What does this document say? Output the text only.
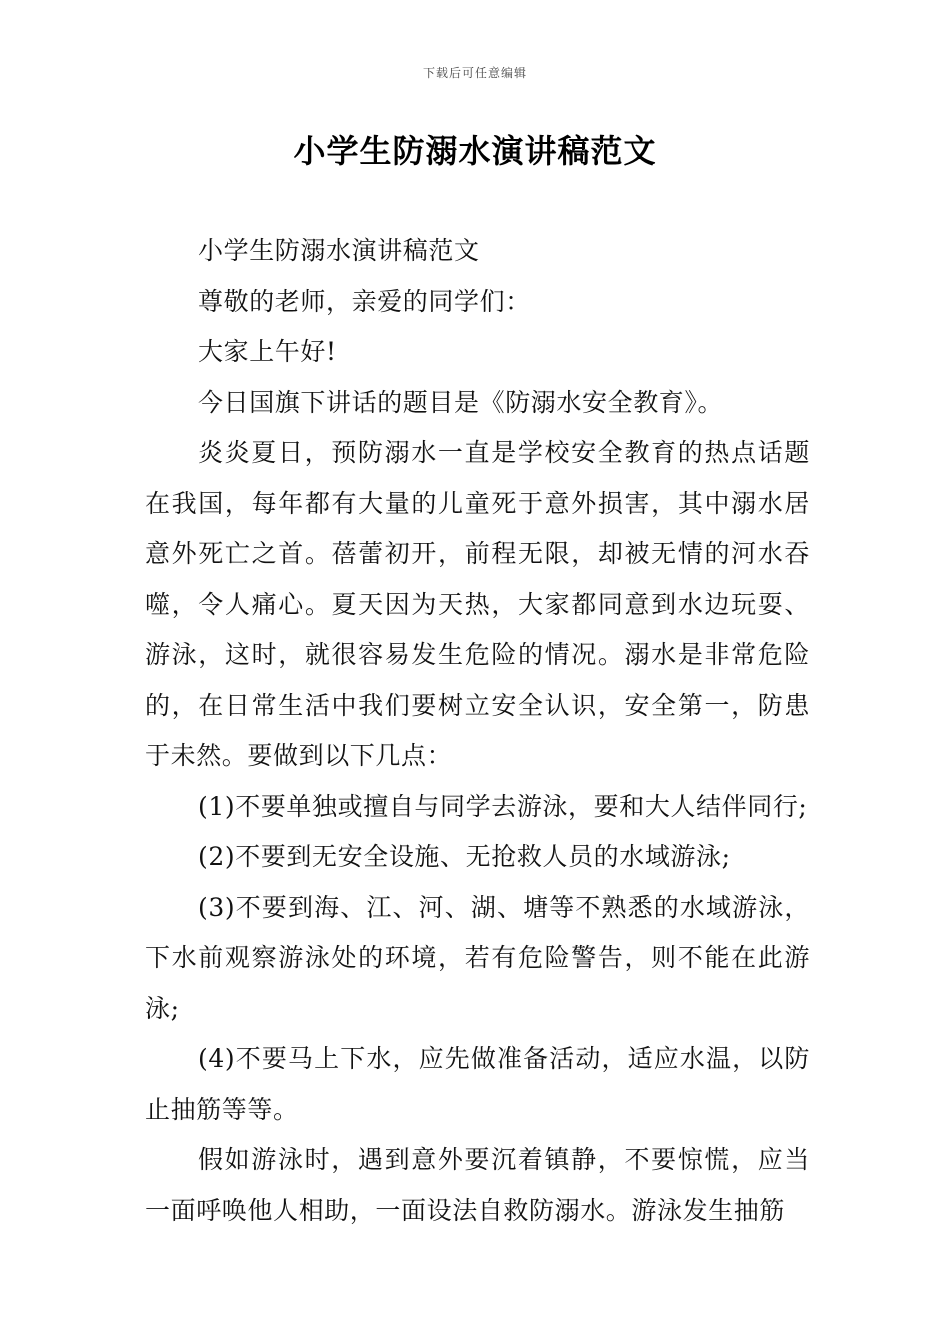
下载后可任意编辑
小学生防溺水演讲稿范文

小学生防溺水演讲稿范文

尊敬的老师，亲爱的同学们：

大家上午好!

今日国旗下讲话的题目是《防溺水安全教育》。

炎炎夏日，预防溺水一直是学校安全教育的热点话题在我国，每年都有大量的儿童死于意外损害，其中溺水居意外死亡之首。蓓蕾初开，前程无限，却被无情的河水吞噬，令人痛心。夏天因为天热，大家都同意到水边玩耍、游泳，这时，就很容易发生危险的情况。溺水是非常危险的，在日常生活中我们要树立安全认识，安全第一，防患于未然。要做到以下几点：

(1)不要单独或擅自与同学去游泳，要和大人结伴同行;

(2)不要到无安全设施、无抢救人员的水域游泳;

(3)不要到海、江、河、湖、塘等不熟悉的水域游泳，下水前观察游泳处的环境，若有危险警告，则不能在此游泳;

(4)不要马上下水，应先做准备活动，适应水温，以防止抽筋等等。

假如游泳时，遇到意外要沉着镇静，不要惊慌，应当一面呼唤他人相助，一面设法自救防溺水。游泳发生抽筋
